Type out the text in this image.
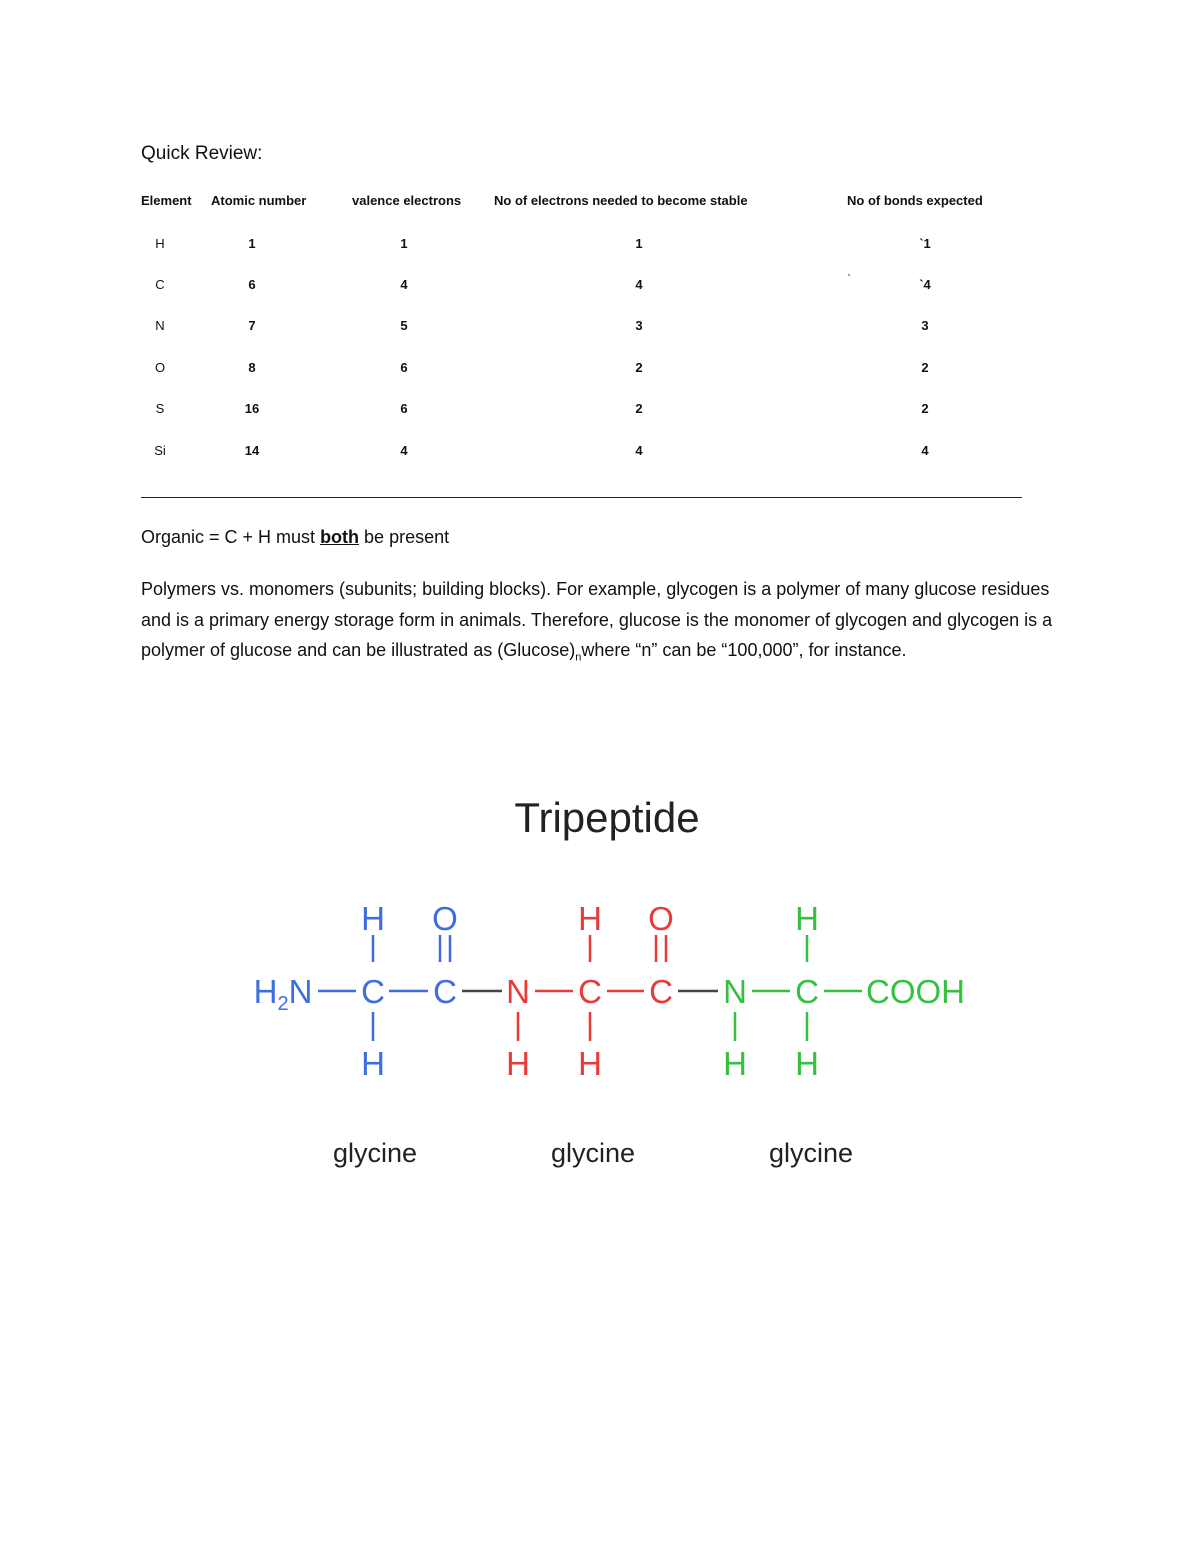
Quick Review:
Element Atomic number	valence electrons	No of electrons needed to become stable	No of bonds expected
`
H	1	1	1	`1
C	6	4	4	`4
N	7	5	3	3
O	8	6	2	2
S	16	6	2	2
Si	14	4	4	4
Organic = C + H must both be present
Polymers vs. monomers (subunits; building blocks). For example, glycogen is a polymer of many glucose residues and is a primary energy storage form in animals. Therefore, glucose is the monomer of glycogen and glycogen is a polymer of glucose and can be illustrated as $(Glucose)_nwhere$ “n” can be “100,000”, for instance.
Tripeptide
$H_2N$
H
C
H
O
C N
H
H
C
H
O
C N
H
H
C
H
COOH
glycine	glycine	glycine
